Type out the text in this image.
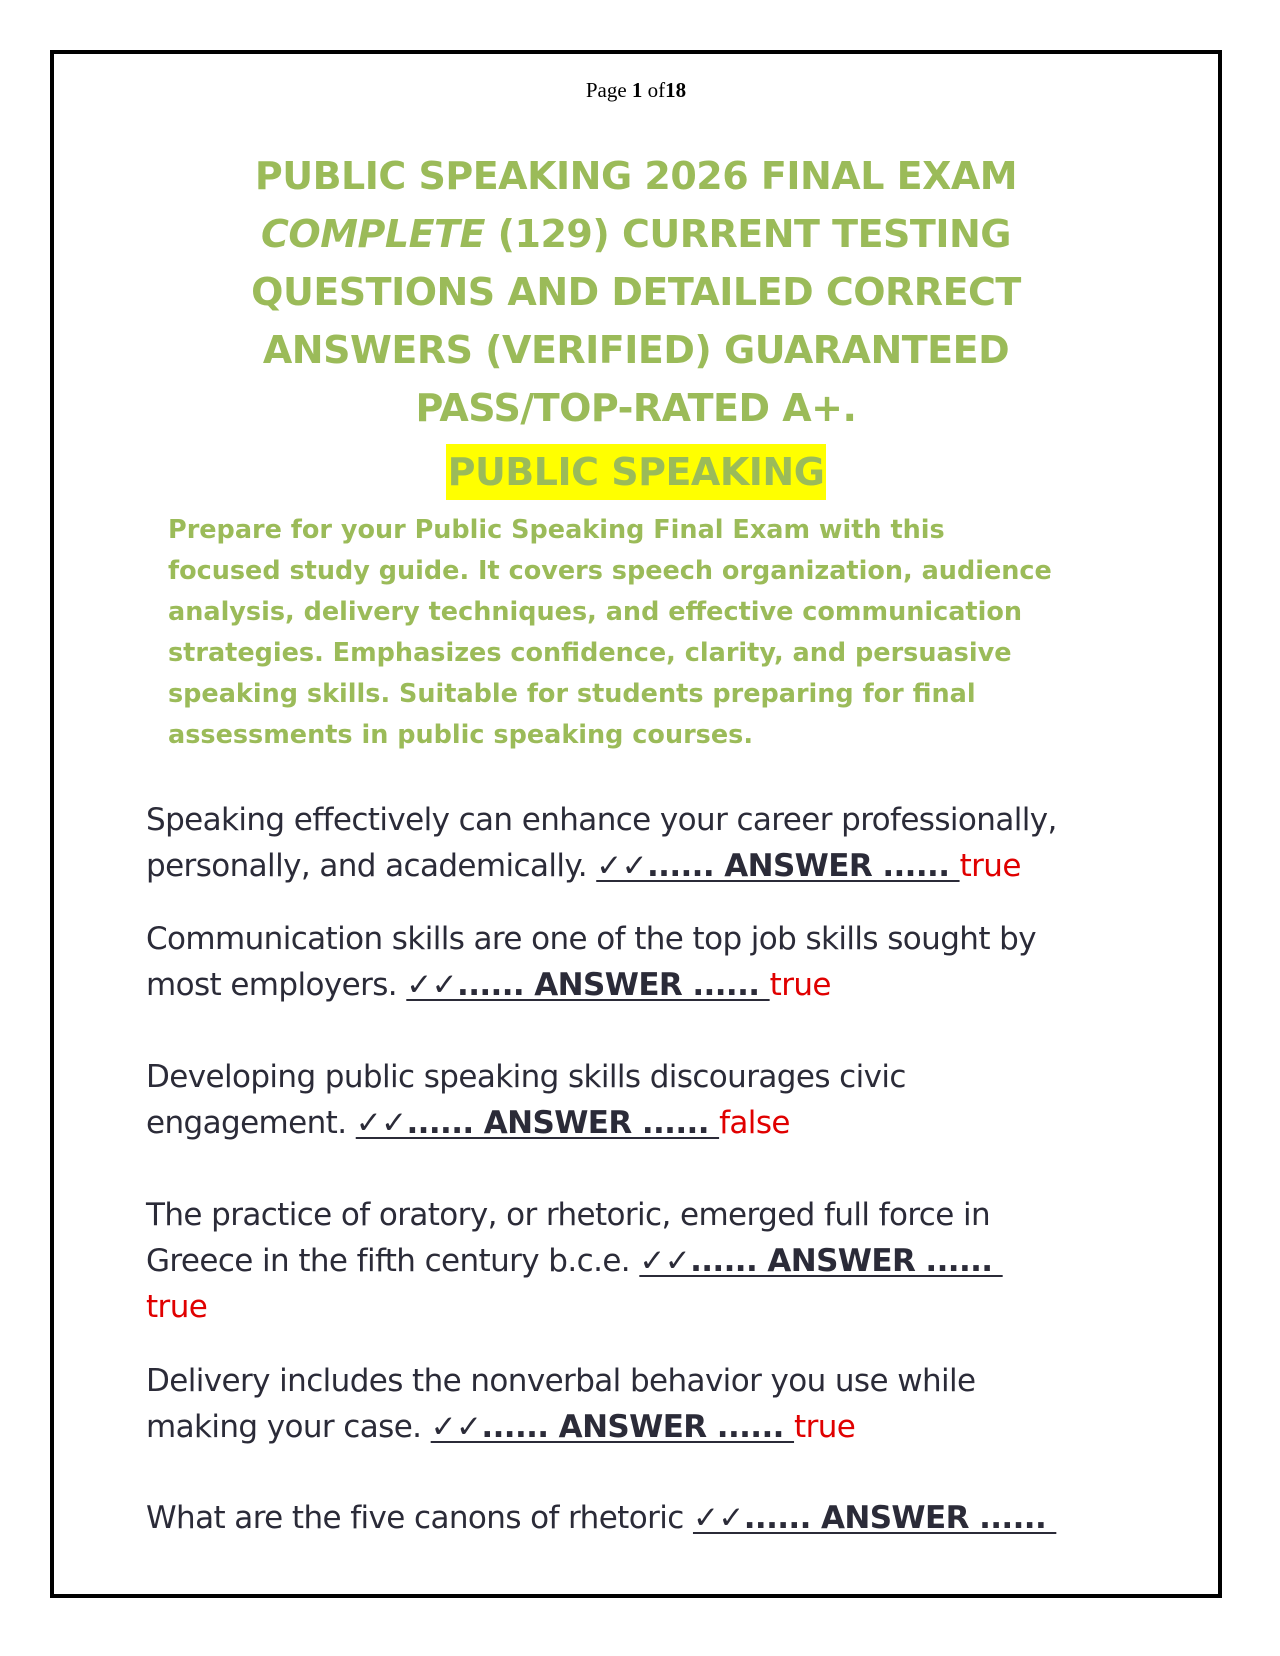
Page 1 of18
PUBLIC SPEAKING 2026 FINAL EXAM
COMPLETE (129) CURRENT TESTING
QUESTIONS AND DETAILED CORRECT
ANSWERS (VERIFIED) GUARANTEED
PASS/TOP-RATED A+.
PUBLIC SPEAKING
Prepare for your Public Speaking Final Exam with this
focused study guide. It covers speech organization, audience
analysis, delivery techniques, and effective communication
strategies. Emphasizes confidence, clarity, and persuasive
speaking skills. Suitable for students preparing for final
assessments in public speaking courses.
Speaking effectively can enhance your career professionally,
personally, and academically. ✓✓...... ANSWER ...... true
Communication skills are one of the top job skills sought by
most employers. ✓✓...... ANSWER ...... true
Developing public speaking skills discourages civic
engagement. ✓✓...... ANSWER ...... false
The practice of oratory, or rhetoric, emerged full force in
Greece in the fifth century b.c.e. ✓✓...... ANSWER ......
true
Delivery includes the nonverbal behavior you use while
making your case. ✓✓...... ANSWER ...... true
What are the five canons of rhetoric ✓✓...... ANSWER ......
